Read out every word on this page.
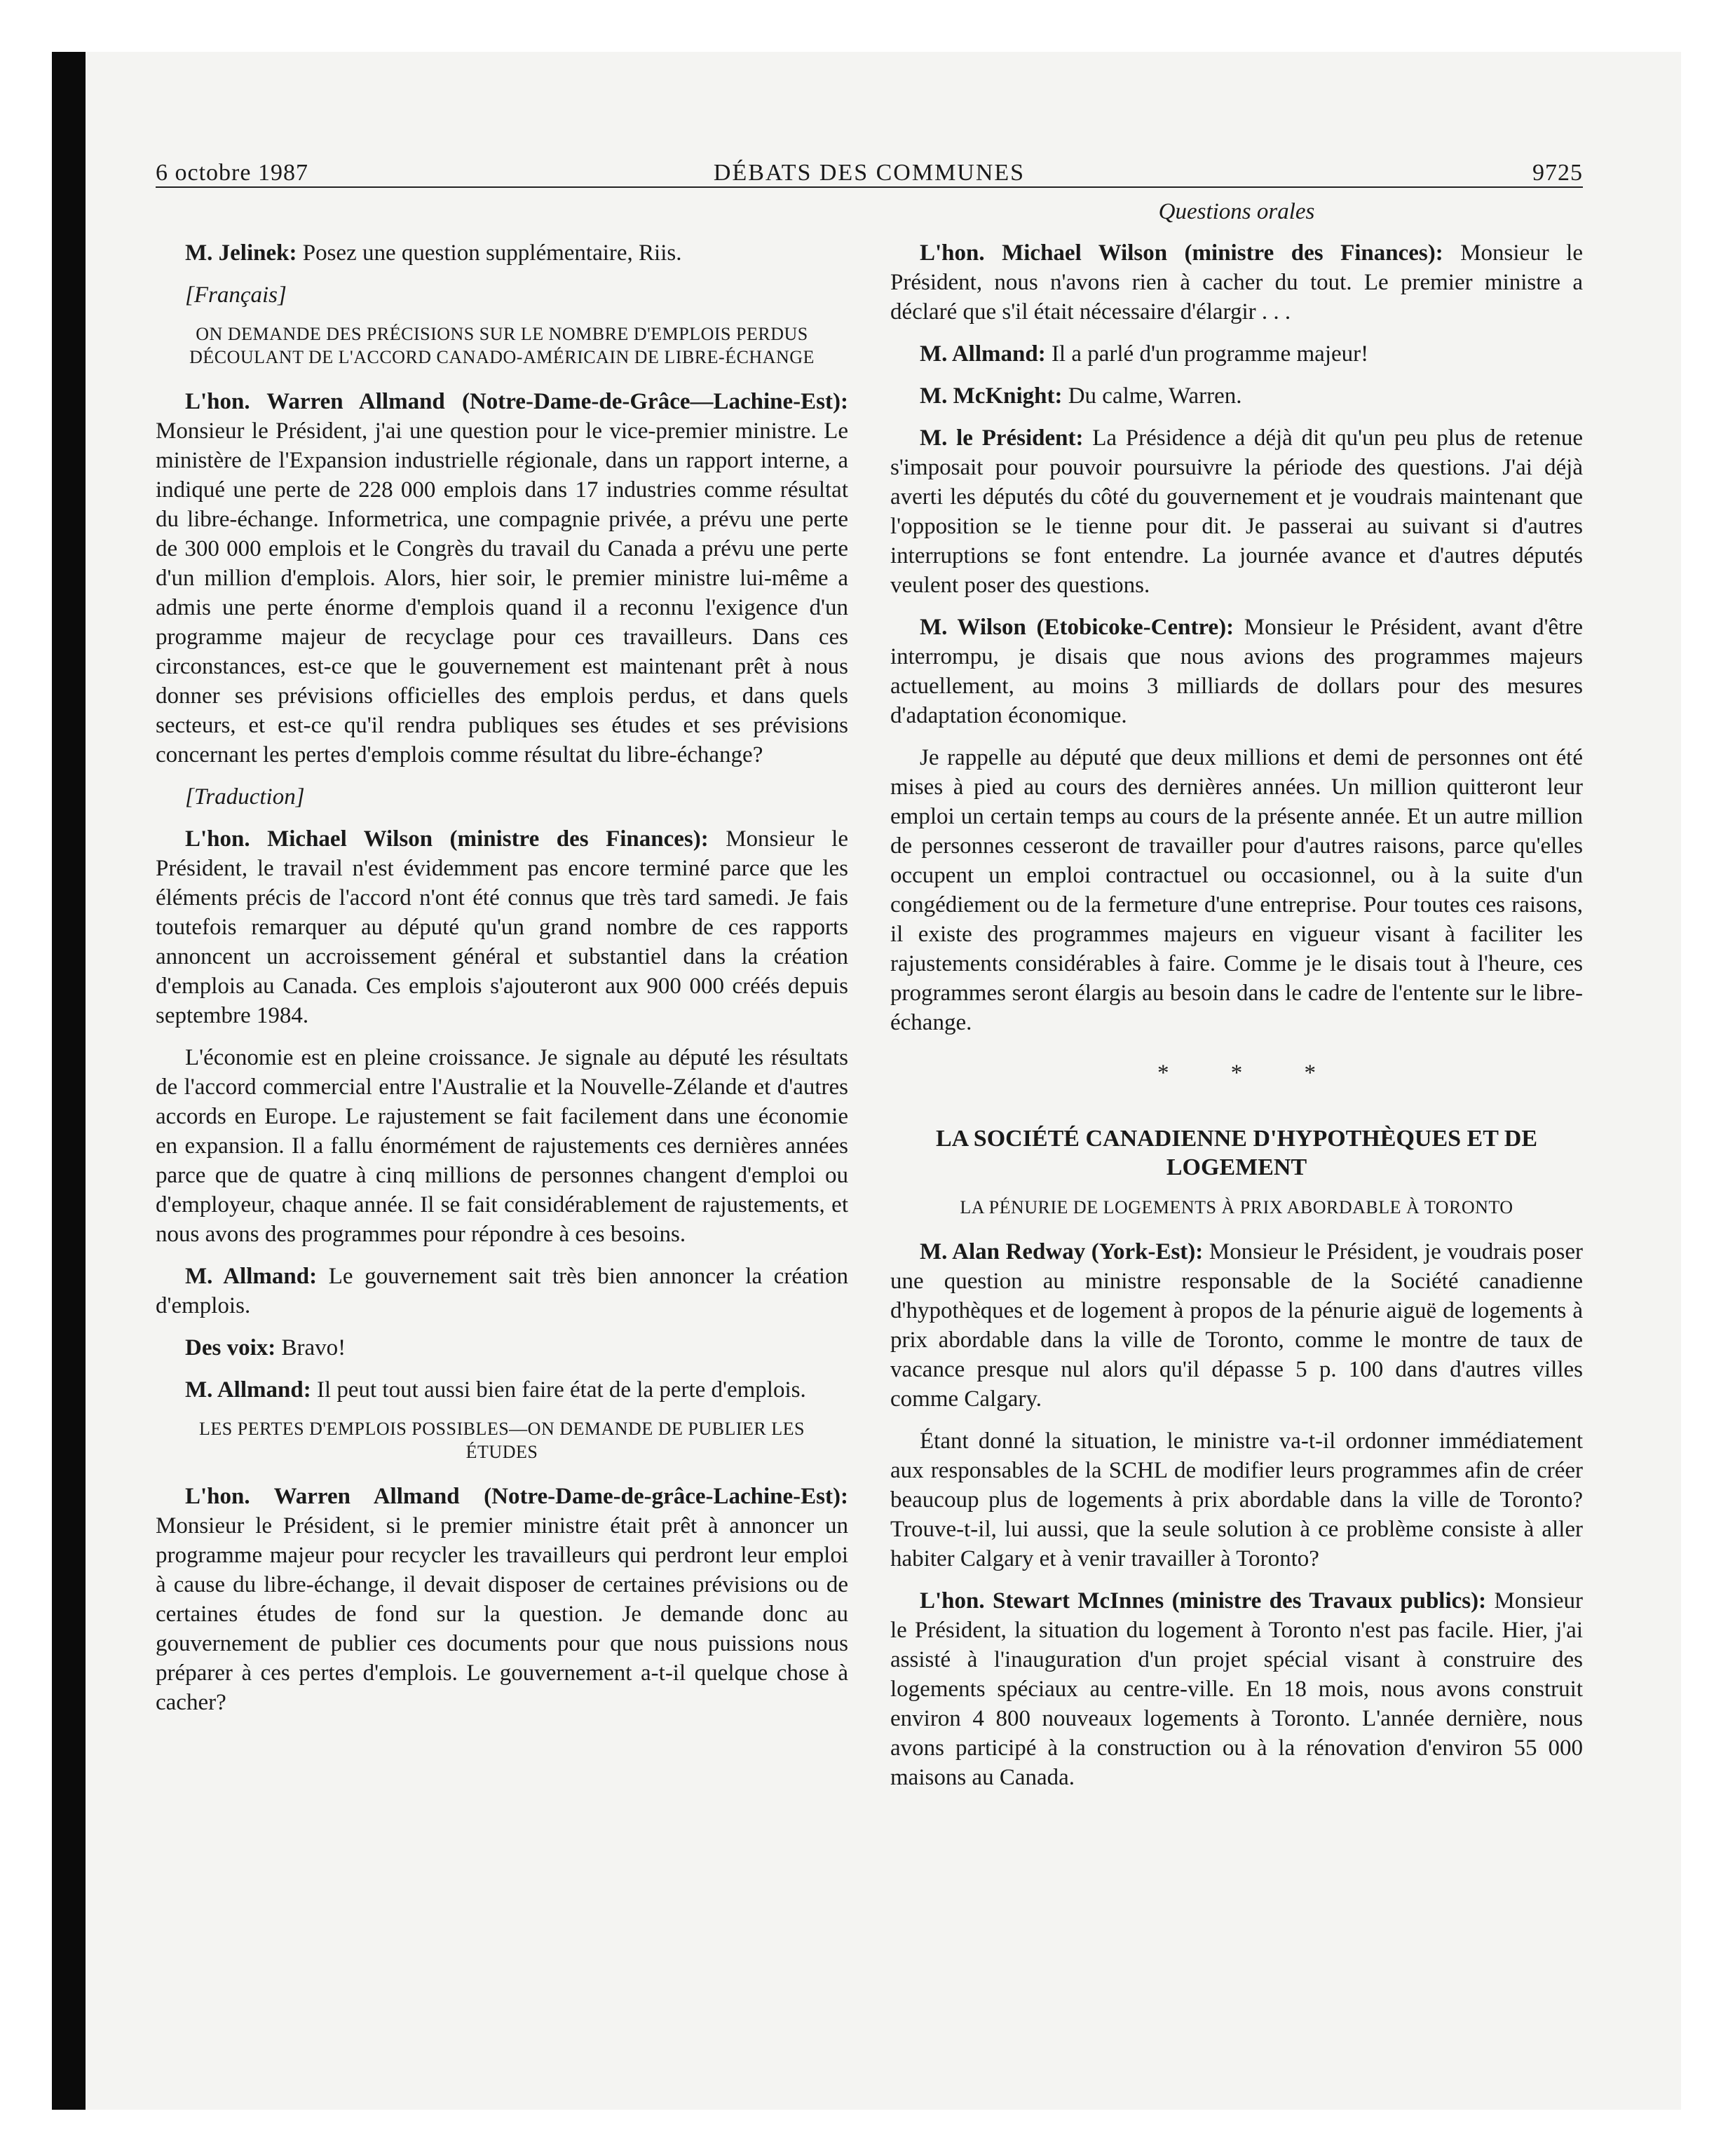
6 octobre 1987	DÉBATS DES COMMUNES	9725
Questions orales

M. Jelinek: Posez une question supplémentaire, Riis.

[Français]

ON DEMANDE DES PRÉCISIONS SUR LE NOMBRE D'EMPLOIS PERDUS DÉCOULANT DE L'ACCORD CANADO-AMÉRICAIN DE LIBRE-ÉCHANGE

L'hon. Warren Allmand (Notre-Dame-de-Grâce—Lachine-Est): Monsieur le Président, j'ai une question pour le vice-premier ministre. Le ministère de l'Expansion industrielle régionale, dans un rapport interne, a indiqué une perte de 228 000 emplois dans 17 industries comme résultat du libre-échange. Informetrica, une compagnie privée, a prévu une perte de 300 000 emplois et le Congrès du travail du Canada a prévu une perte d'un million d'emplois. Alors, hier soir, le premier ministre lui-même a admis une perte énorme d'emplois quand il a reconnu l'exigence d'un programme majeur de recyclage pour ces travailleurs. Dans ces circonstances, est-ce que le gouvernement est maintenant prêt à nous donner ses prévisions officielles des emplois perdus, et dans quels secteurs, et est-ce qu'il rendra publiques ses études et ses prévisions concernant les pertes d'emplois comme résultat du libre-échange?

[Traduction]

L'hon. Michael Wilson (ministre des Finances): Monsieur le Président, le travail n'est évidemment pas encore terminé parce que les éléments précis de l'accord n'ont été connus que très tard samedi. Je fais toutefois remarquer au député qu'un grand nombre de ces rapports annoncent un accroissement général et substantiel dans la création d'emplois au Canada. Ces emplois s'ajouteront aux 900 000 créés depuis septembre 1984.

L'économie est en pleine croissance. Je signale au député les résultats de l'accord commercial entre l'Australie et la Nouvelle-Zélande et d'autres accords en Europe. Le rajustement se fait facilement dans une économie en expansion. Il a fallu énormément de rajustements ces dernières années parce que de quatre à cinq millions de personnes changent d'emploi ou d'employeur, chaque année. Il se fait considérablement de rajustements, et nous avons des programmes pour répondre à ces besoins.

M. Allmand: Le gouvernement sait très bien annoncer la création d'emplois.

Des voix: Bravo!

M. Allmand: Il peut tout aussi bien faire état de la perte d'emplois.

LES PERTES D'EMPLOIS POSSIBLES—ON DEMANDE DE PUBLIER LES ÉTUDES

L'hon. Warren Allmand (Notre-Dame-de-grâce-Lachine-Est): Monsieur le Président, si le premier ministre était prêt à annoncer un programme majeur pour recycler les travailleurs qui perdront leur emploi à cause du libre-échange, il devait disposer de certaines prévisions ou de certaines études de fond sur la question. Je demande donc au gouvernement de publier ces documents pour que nous puissions nous préparer à ces pertes d'emplois. Le gouvernement a-t-il quelque chose à cacher?

L'hon. Michael Wilson (ministre des Finances): Monsieur le Président, nous n'avons rien à cacher du tout. Le premier ministre a déclaré que s'il était nécessaire d'élargir . . .

M. Allmand: Il a parlé d'un programme majeur!

M. McKnight: Du calme, Warren.

M. le Président: La Présidence a déjà dit qu'un peu plus de retenue s'imposait pour pouvoir poursuivre la période des questions. J'ai déjà averti les députés du côté du gouvernement et je voudrais maintenant que l'opposition se le tienne pour dit. Je passerai au suivant si d'autres interruptions se font entendre. La journée avance et d'autres députés veulent poser des questions.

M. Wilson (Etobicoke-Centre): Monsieur le Président, avant d'être interrompu, je disais que nous avions des programmes majeurs actuellement, au moins 3 milliards de dollars pour des mesures d'adaptation économique.

Je rappelle au député que deux millions et demi de personnes ont été mises à pied au cours des dernières années. Un million quitteront leur emploi un certain temps au cours de la présente année. Et un autre million de personnes cesseront de travailler pour d'autres raisons, parce qu'elles occupent un emploi contractuel ou occasionnel, ou à la suite d'un congédiement ou de la fermeture d'une entreprise. Pour toutes ces raisons, il existe des programmes majeurs en vigueur visant à faciliter les rajustements considérables à faire. Comme je le disais tout à l'heure, ces programmes seront élargis au besoin dans le cadre de l'entente sur le libre-échange.

* * *
LA SOCIÉTÉ CANADIENNE D'HYPOTHÈQUES ET DE LOGEMENT
LA PÉNURIE DE LOGEMENTS À PRIX ABORDABLE À TORONTO

M. Alan Redway (York-Est): Monsieur le Président, je voudrais poser une question au ministre responsable de la Société canadienne d'hypothèques et de logement à propos de la pénurie aiguë de logements à prix abordable dans la ville de Toronto, comme le montre de taux de vacance presque nul alors qu'il dépasse 5 p. 100 dans d'autres villes comme Calgary.

Étant donné la situation, le ministre va-t-il ordonner immédiatement aux responsables de la SCHL de modifier leurs programmes afin de créer beaucoup plus de logements à prix abordable dans la ville de Toronto? Trouve-t-il, lui aussi, que la seule solution à ce problème consiste à aller habiter Calgary et à venir travailler à Toronto?

L'hon. Stewart McInnes (ministre des Travaux publics): Monsieur le Président, la situation du logement à Toronto n'est pas facile. Hier, j'ai assisté à l'inauguration d'un projet spécial visant à construire des logements spéciaux au centre-ville. En 18 mois, nous avons construit environ 4 800 nouveaux logements à Toronto. L'année dernière, nous avons participé à la construction ou à la rénovation d'environ 55 000 maisons au Canada.
